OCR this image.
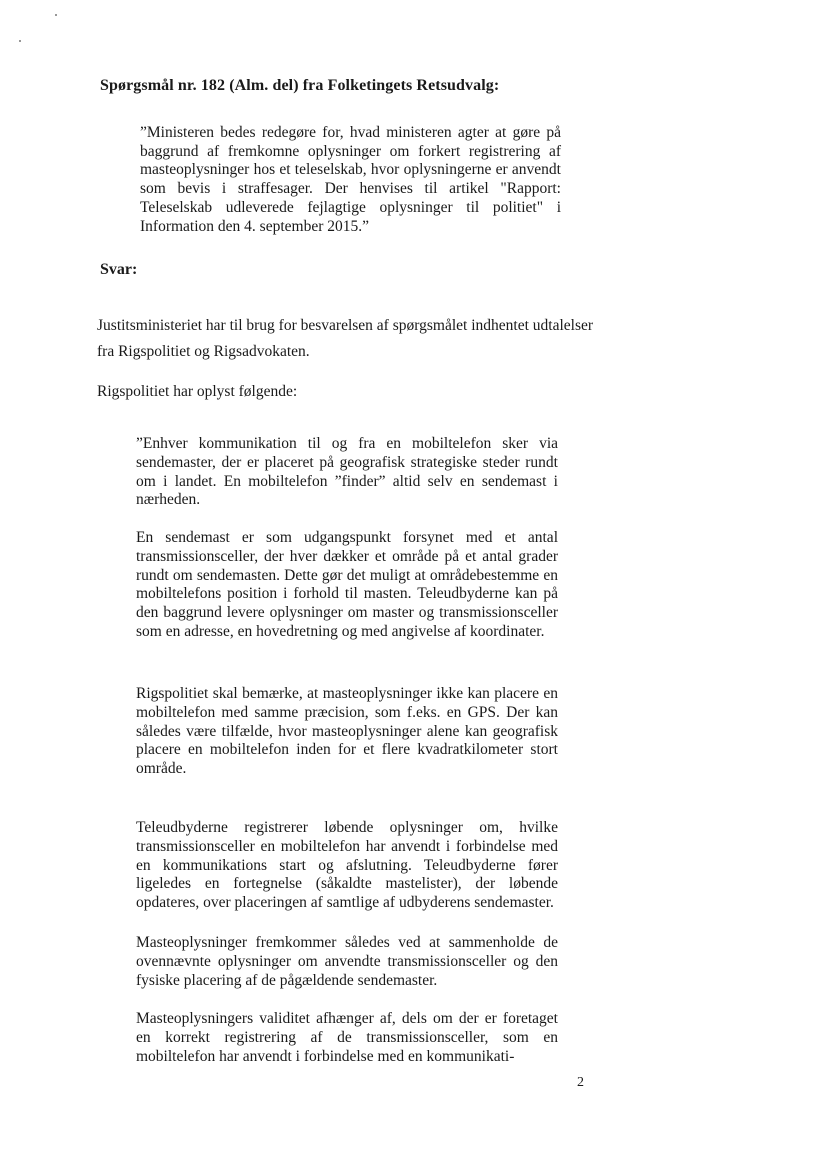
Spørgsmål nr. 182 (Alm. del) fra Folketingets Retsudvalg:

”Ministeren bedes redegøre for, hvad ministeren agter at gøre på baggrund af fremkomne oplysninger om forkert registrering af masteoplysninger hos et teleselskab, hvor oplysningerne er anvendt som bevis i straffesager. Der henvises til artikel "Rapport: Teleselskab udleverede fejlagtige oplysninger til politiet" i Information den 4. september 2015.”

Svar:
Justitsministeriet har til brug for besvarelsen af spørgsmålet indhentet udtalelser fra Rigspolitiet og Rigsadvokaten.
Rigspolitiet har oplyst følgende:

”Enhver kommunikation til og fra en mobiltelefon sker via sendemaster, der er placeret på geografisk strategiske steder rundt om i landet. En mobiltelefon ”finder” altid selv en sendemast i nærheden.

En sendemast er som udgangspunkt forsynet med et antal transmissionsceller, der hver dækker et område på et antal grader rundt om sendemasten. Dette gør det muligt at områdebestemme en mobiltelefons position i forhold til masten. Teleudbyderne kan på den baggrund levere oplysninger om master og transmissionsceller som en adresse, en hovedretning og med angivelse af koordinater.

Rigspolitiet skal bemærke, at masteoplysninger ikke kan placere en mobiltelefon med samme præcision, som f.eks. en GPS. Der kan således være tilfælde, hvor masteoplysninger alene kan geografisk placere en mobiltelefon inden for et flere kvadratkilometer stort område.

Teleudbyderne registrerer løbende oplysninger om, hvilke transmissionsceller en mobiltelefon har anvendt i forbindelse med en kommunikations start og afslutning. Teleudbyderne fører ligeledes en fortegnelse (såkaldte mastelister), der løbende opdateres, over placeringen af samtlige af udbyderens sendemaster.

Masteoplysninger fremkommer således ved at sammenholde de ovennævnte oplysninger om anvendte transmissionsceller og den fysiske placering af de pågældende sendemaster.

Masteoplysningers validitet afhænger af, dels om der er foretaget en korrekt registrering af de transmissionsceller, som en mobiltelefon har anvendt i forbindelse med en kommunikati-

2
